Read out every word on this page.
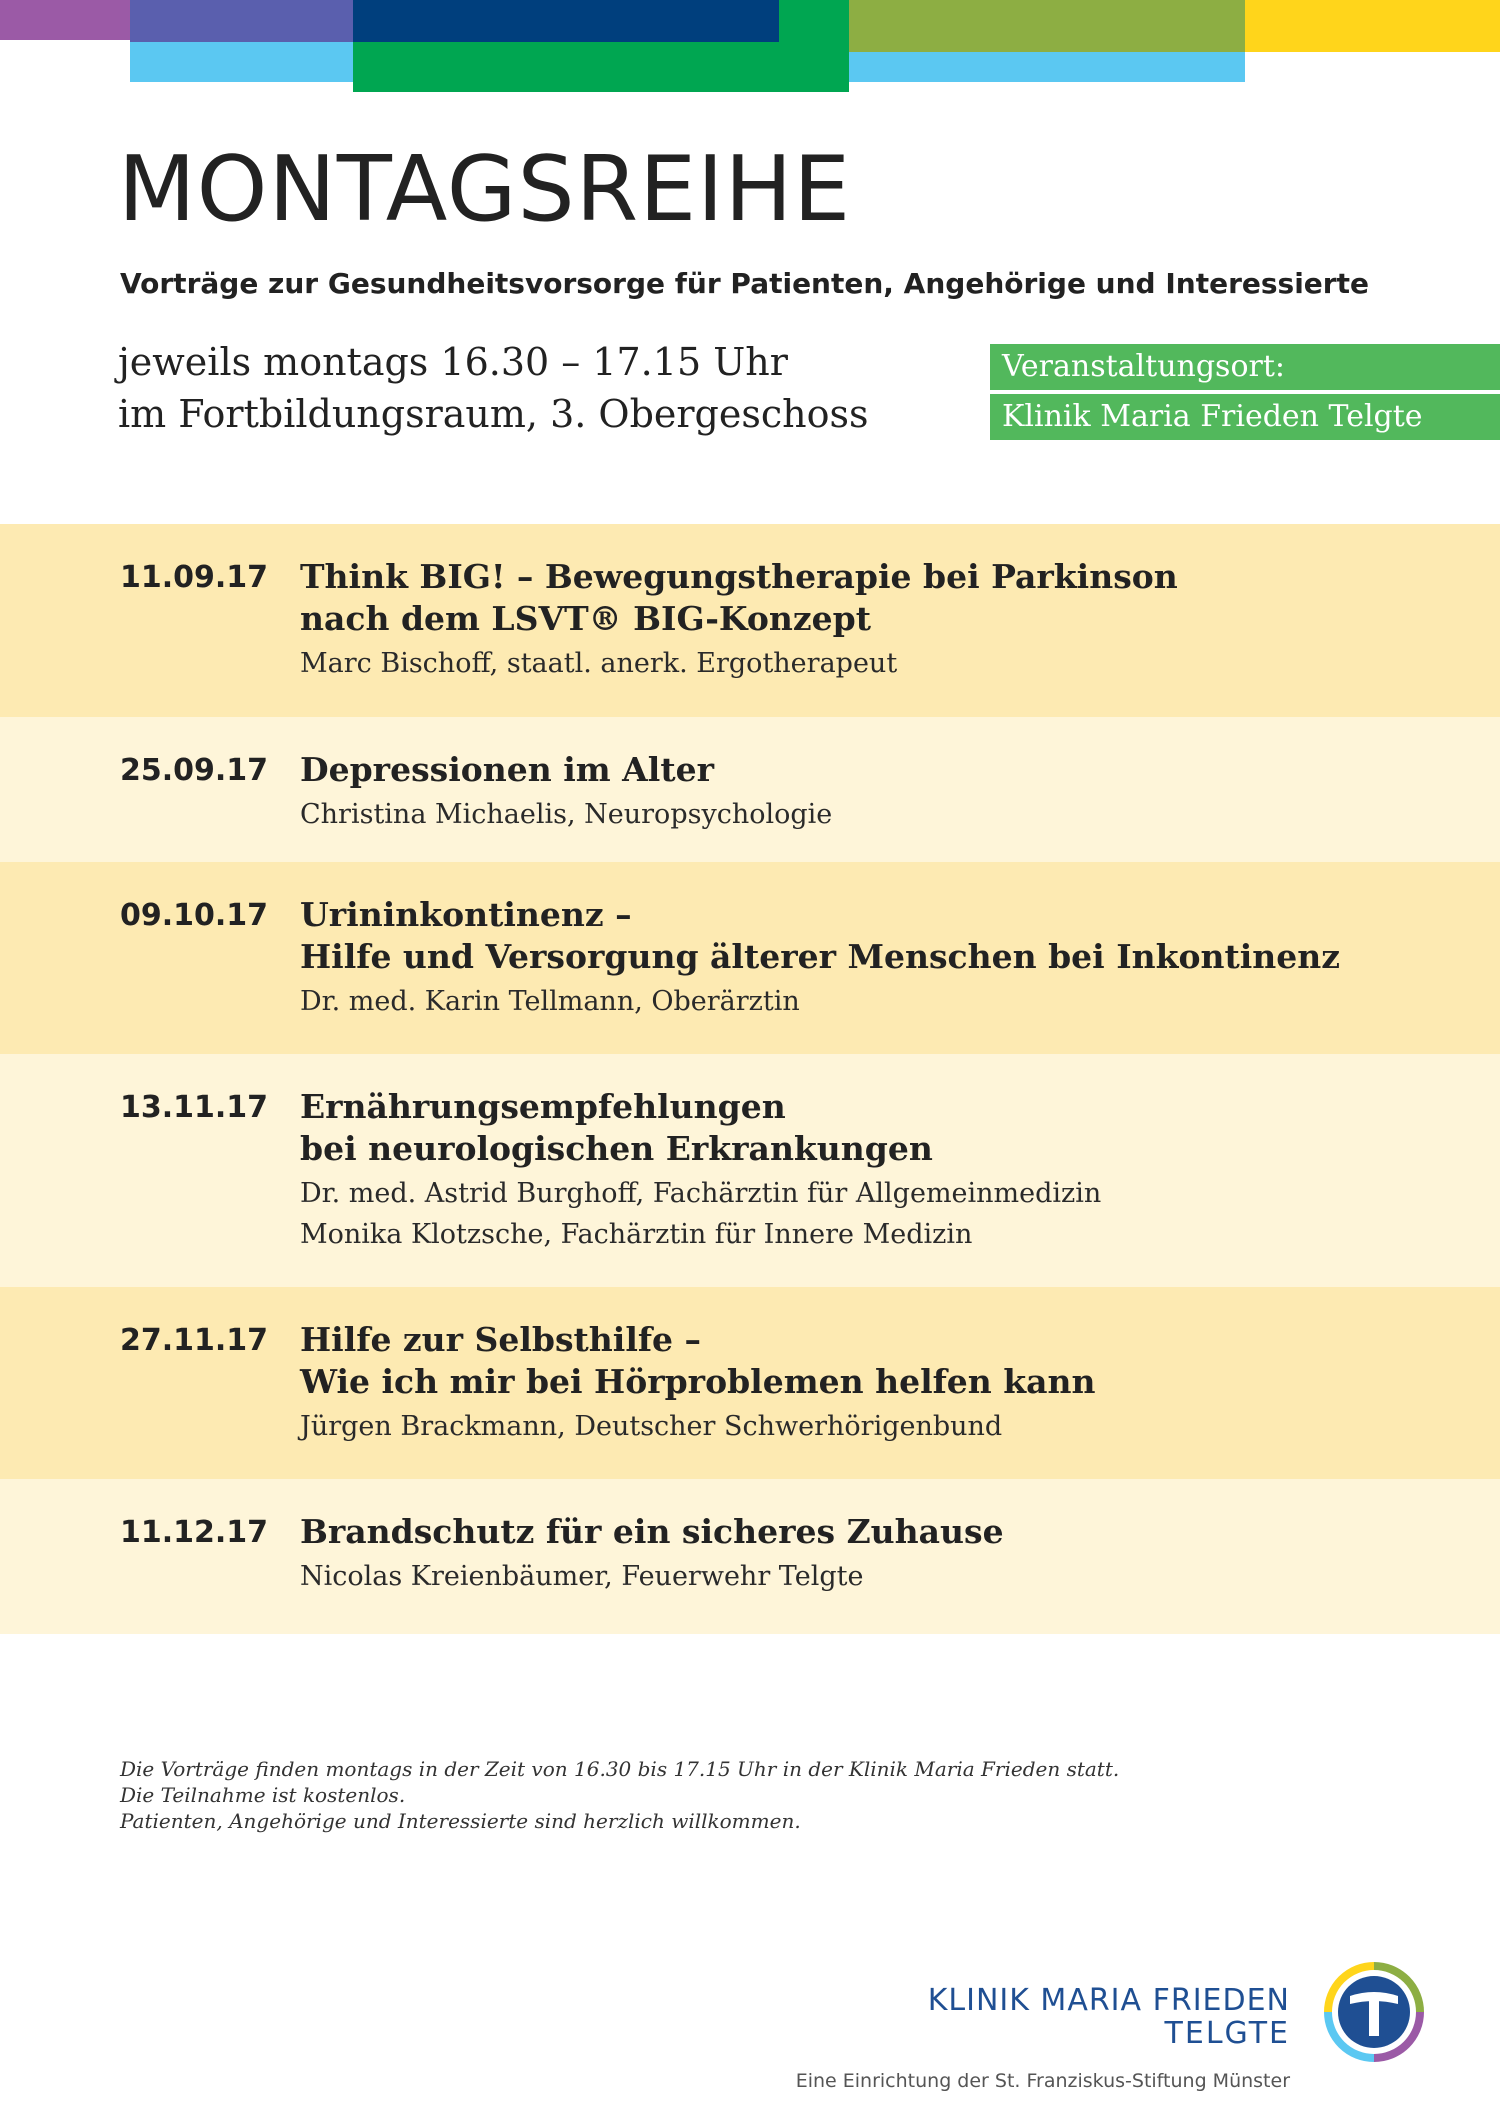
MONTAGSREIHE
Vorträge zur Gesundheitsvorsorge für Patienten, Angehörige und Interessierte
jeweils montags 16.30 – 17.15 Uhr
im Fortbildungsraum, 3. Obergeschoss
Veranstaltungsort:
Klinik Maria Frieden Telgte
11.09.17 Think BIG! – Bewegungstherapie bei Parkinson
nach dem LSVT® BIG-Konzept
Marc Bischoff, staatl. anerk. Ergotherapeut
25.09.17 Depressionen im Alter
Christina Michaelis, Neuropsychologie
09.10.17 Urininkontinenz –
Hilfe und Versorgung älterer Menschen bei Inkontinenz
Dr. med. Karin Tellmann, Oberärztin
13.11.17 Ernährungsempfehlungen
bei neurologischen Erkrankungen
Dr. med. Astrid Burghoff, Fachärztin für Allgemeinmedizin
Monika Klotzsche, Fachärztin für Innere Medizin
27.11.17 Hilfe zur Selbsthilfe –
Wie ich mir bei Hörproblemen helfen kann
Jürgen Brackmann, Deutscher Schwerhörigenbund
11.12.17 Brandschutz für ein sicheres Zuhause
Nicolas Kreienbäumer, Feuerwehr Telgte
Die Vorträge finden montags in der Zeit von 16.30 bis 17.15 Uhr in der Klinik Maria Frieden statt.
Die Teilnahme ist kostenlos.
Patienten, Angehörige und Interessierte sind herzlich willkommen.
KLINIK MARIA FRIEDEN
TELGTE
Eine Einrichtung der St. Franziskus-Stiftung Münster
